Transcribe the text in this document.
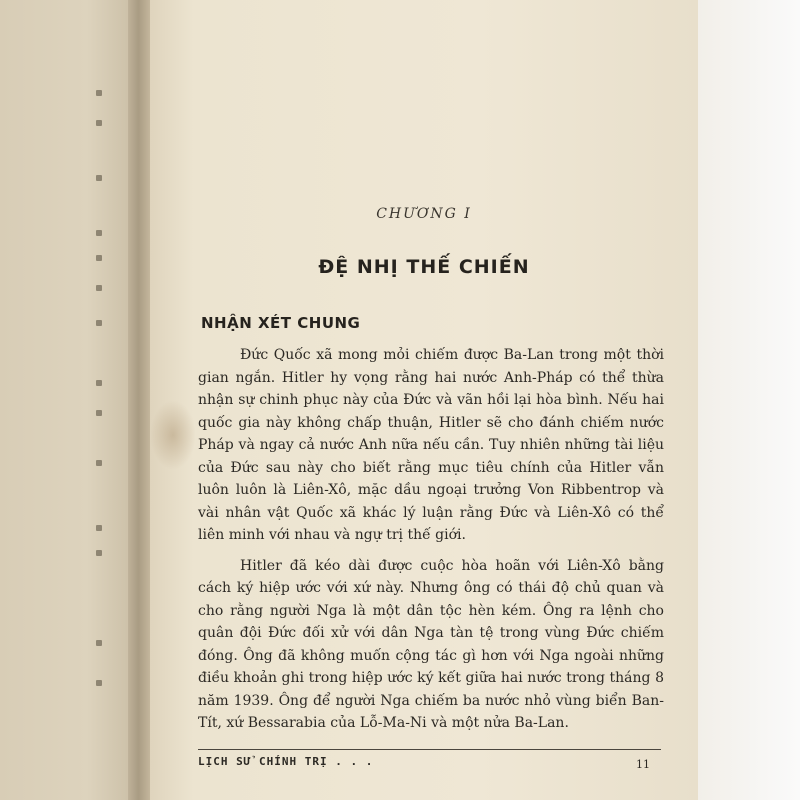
CHƯƠNG I
ĐỆ NHỊ THẾ CHIẾN
NHẬN XÉT CHUNG

Đức Quốc xã mong mỏi chiếm được Ba-Lan trong một thời gian ngắn. Hitler hy vọng rằng hai nước Anh-Pháp có thể thừa nhận sự chinh phục này của Đức và vãn hồi lại hòa bình. Nếu hai quốc gia này không chấp thuận, Hitler sẽ cho đánh chiếm nước Pháp và ngay cả nước Anh nữa nếu cần. Tuy nhiên những tài liệu của Đức sau này cho biết rằng mục tiêu chính của Hitler vẫn luôn luôn là Liên-Xô, mặc dầu ngoại trưởng Von Ribbentrop và vài nhân vật Quốc xã khác lý luận rằng Đức và Liên-Xô có thể liên minh với nhau và ngự trị thế giới.

Hitler đã kéo dài được cuộc hòa hoãn với Liên-Xô bằng cách ký hiệp ước với xứ này. Nhưng ông có thái độ chủ quan và cho rằng người Nga là một dân tộc hèn kém. Ông ra lệnh cho quân đội Đức đối xử với dân Nga tàn tệ trong vùng Đức chiếm đóng. Ông đã không muốn cộng tác gì hơn với Nga ngoài những điều khoản ghi trong hiệp ước ký kết giữa hai nước trong tháng 8 năm 1939. Ông để người Nga chiếm ba nước nhỏ vùng biển Ban-Tít, xứ Bessarabia của Lỗ-Ma-Ni và một nửa Ba-Lan.

LỊCH SỬ CHÍNH TRỊ . . .	11
